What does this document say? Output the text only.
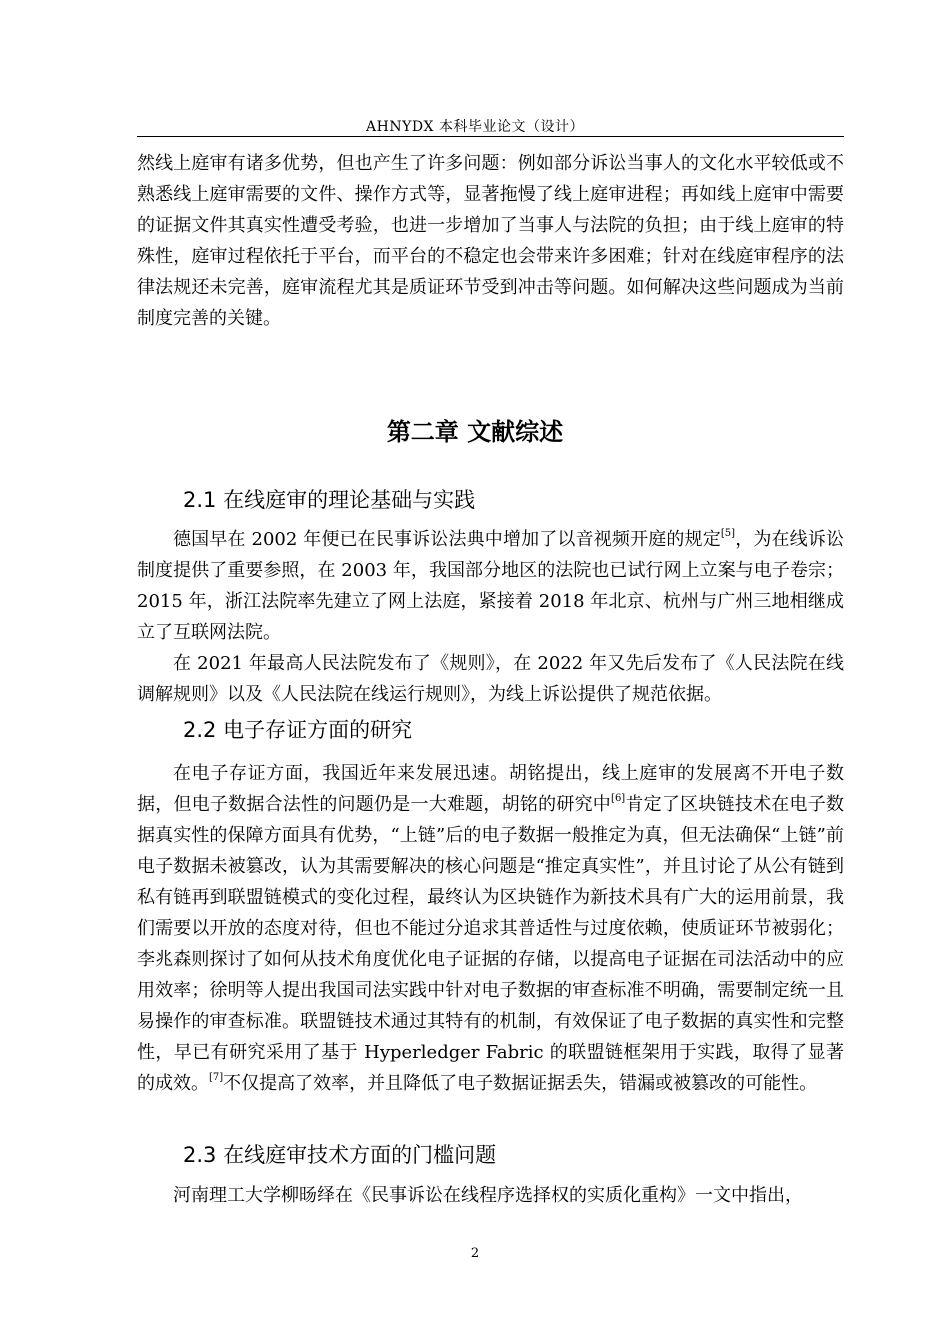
AHNYDX 本科毕业论文（设计）

然线上庭审有诸多优势，但也产生了许多问题：例如部分诉讼当事人的文化水平较低或不熟悉线上庭审需要的文件、操作方式等，显著拖慢了线上庭审进程；再如线上庭审中需要的证据文件其真实性遭受考验，也进一步增加了当事人与法院的负担；由于线上庭审的特殊性，庭审过程依托于平台，而平台的不稳定也会带来许多困难；针对在线庭审程序的法律法规还未完善，庭审流程尤其是质证环节受到冲击等问题。如何解决这些问题成为当前制度完善的关键。

第二章 文献综述
2.1 在线庭审的理论基础与实践

德国早在 2002 年便已在民事诉讼法典中增加了以音视频开庭的规定[5]，为在线诉讼制度提供了重要参照，在 2003 年，我国部分地区的法院也已试行网上立案与电子卷宗；2015 年，浙江法院率先建立了网上法庭，紧接着 2018 年北京、杭州与广州三地相继成立了互联网法院。

在 2021 年最高人民法院发布了《规则》，在 2022 年又先后发布了《人民法院在线调解规则》以及《人民法院在线运行规则》，为线上诉讼提供了规范依据。

2.2 电子存证方面的研究

在电子存证方面，我国近年来发展迅速。胡铭提出，线上庭审的发展离不开电子数据，但电子数据合法性的问题仍是一大难题，胡铭的研究中[6]肯定了区块链技术在电子数据真实性的保障方面具有优势，“上链”后的电子数据一般推定为真，但无法确保“上链”前电子数据未被篡改，认为其需要解决的核心问题是“推定真实性”，并且讨论了从公有链到私有链再到联盟链模式的变化过程，最终认为区块链作为新技术具有广大的运用前景，我们需要以开放的态度对待，但也不能过分追求其普适性与过度依赖，使质证环节被弱化；李兆森则探讨了如何从技术角度优化电子证据的存储，以提高电子证据在司法活动中的应用效率；徐明等人提出我国司法实践中针对电子数据的审查标准不明确，需要制定统一且易操作的审查标准。联盟链技术通过其特有的机制，有效保证了电子数据的真实性和完整性，早已有研究采用了基于 Hyperledger Fabric 的联盟链框架用于实践，取得了显著的成效。[7]不仅提高了效率，并且降低了电子数据证据丢失，错漏或被篡改的可能性。

2.3 在线庭审技术方面的门槛问题

河南理工大学柳旸绎在《民事诉讼在线程序选择权的实质化重构》一文中指出，

2
